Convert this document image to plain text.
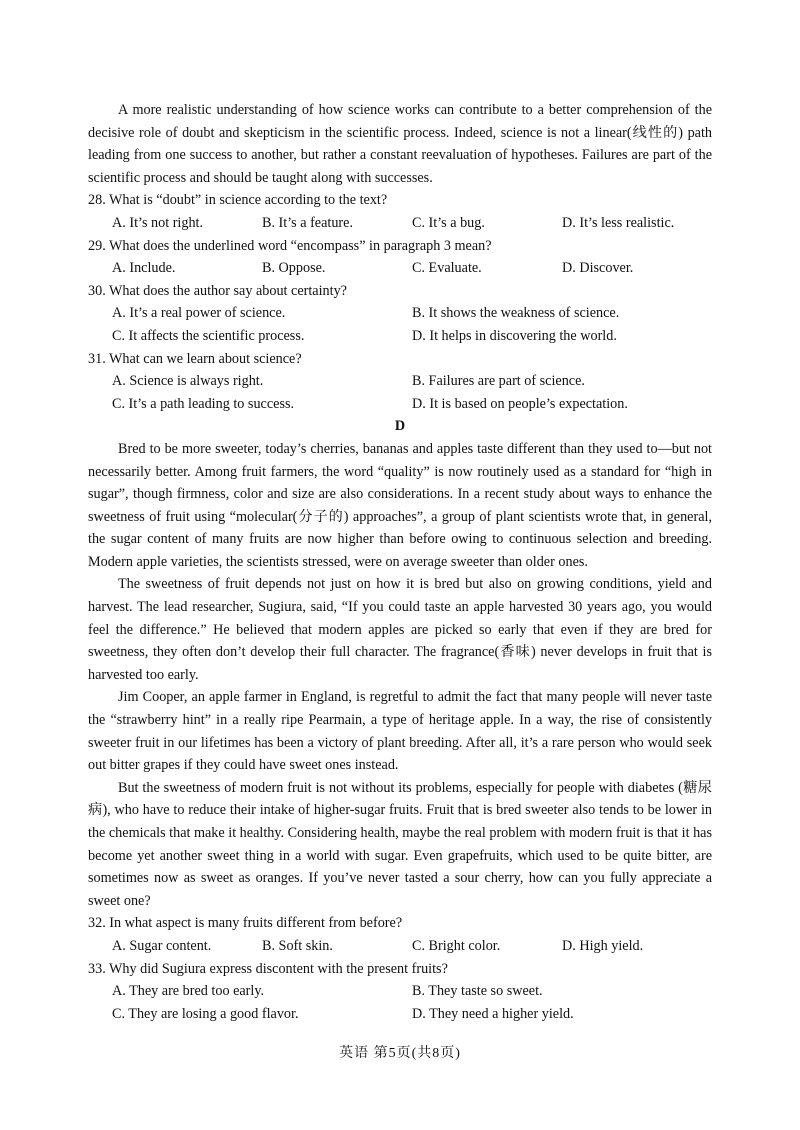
A more realistic understanding of how science works can contribute to a better comprehension of the decisive role of doubt and skepticism in the scientific process. Indeed, science is not a linear(线性的) path leading from one success to another, but rather a constant reevaluation of hypotheses. Failures are part of the scientific process and should be taught along with successes.

28. What is “doubt” in science according to the text?

A. It’s not right.	B. It’s a feature.	C. It’s a bug.	D. It’s less realistic.

29. What does the underlined word “encompass” in paragraph 3 mean?

A. Include.	B. Oppose.	C. Evaluate.	D. Discover.

30. What does the author say about certainty?

A. It’s a real power of science.	B. It shows the weakness of science.
C. It affects the scientific process.	D. It helps in discovering the world.

31. What can we learn about science?

A. Science is always right.	B. Failures are part of science.
C. It’s a path leading to success.	D. It is based on people’s expectation.

D

Bred to be more sweeter, today’s cherries, bananas and apples taste different than they used to—but not necessarily better. Among fruit farmers, the word “quality” is now routinely used as a standard for “high in sugar”, though firmness, color and size are also considerations. In a recent study about ways to enhance the sweetness of fruit using “molecular(分子的) approaches”, a group of plant scientists wrote that, in general, the sugar content of many fruits are now higher than before owing to continuous selection and breeding. Modern apple varieties, the scientists stressed, were on average sweeter than older ones.

The sweetness of fruit depends not just on how it is bred but also on growing conditions, yield and harvest. The lead researcher, Sugiura, said, “If you could taste an apple harvested 30 years ago, you would feel the difference.” He believed that modern apples are picked so early that even if they are bred for sweetness, they often don’t develop their full character. The fragrance(香味) never develops in fruit that is harvested too early.

Jim Cooper, an apple farmer in England, is regretful to admit the fact that many people will never taste the “strawberry hint” in a really ripe Pearmain, a type of heritage apple. In a way, the rise of consistently sweeter fruit in our lifetimes has been a victory of plant breeding. After all, it’s a rare person who would seek out bitter grapes if they could have sweet ones instead.

But the sweetness of modern fruit is not without its problems, especially for people with diabetes (糖尿病), who have to reduce their intake of higher-sugar fruits. Fruit that is bred sweeter also tends to be lower in the chemicals that make it healthy. Considering health, maybe the real problem with modern fruit is that it has become yet another sweet thing in a world with sugar. Even grapefruits, which used to be quite bitter, are sometimes now as sweet as oranges. If you’ve never tasted a sour cherry, how can you fully appreciate a sweet one?

32. In what aspect is many fruits different from before?

A. Sugar content.	B. Soft skin.	C. Bright color.	D. High yield.

33. Why did Sugiura express discontent with the present fruits?

A. They are bred too early.	B. They taste so sweet.
C. They are losing a good flavor.	D. They need a higher yield.
英语 第5页(共8页)
